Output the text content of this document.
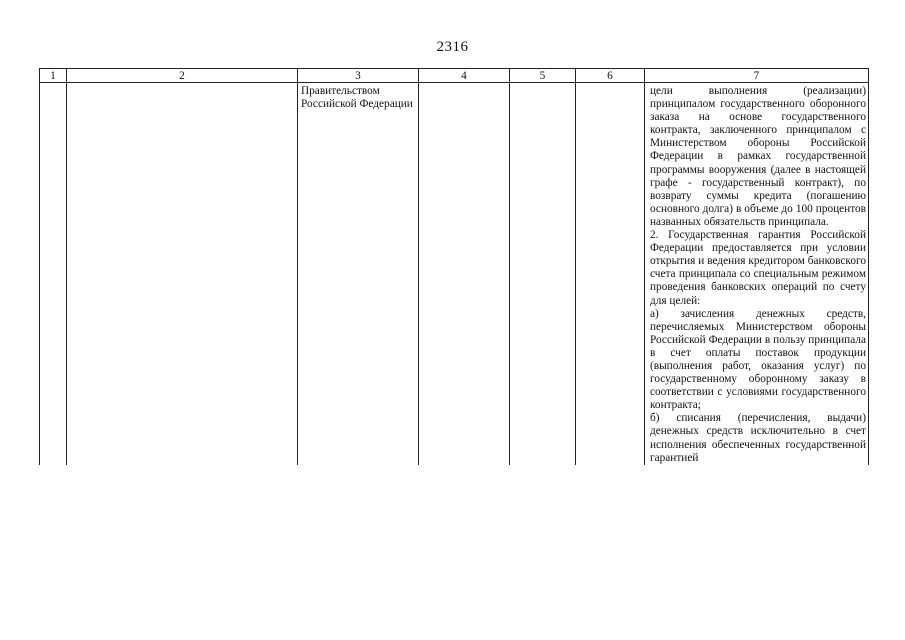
2316
1	2	3	4	5	6	7

		Правительством Российской Федерации				цели выполнения (реализации) принципалом государственного оборонного заказа на основе государственного контракта, заключенного принципалом с Министерством обороны Российской Федерации в рамках государственной программы вооружения (далее в настоящей графе - государственный контракт), по возврату суммы кредита (погашению основного долга) в объеме до 100 процентов названных обязательств принципала.

2. Государственная гарантия Российской Федерации предоставляется при условии открытия и ведения кредитором банковского счета принципала со специальным режимом проведения банковских операций по счету для целей:

а) зачисления денежных средств, перечисляемых Министерством обороны Российской Федерации в пользу принципала в счет оплаты поставок продукции (выполнения работ, оказания услуг) по государственному оборонному заказу в соответствии с условиями государственного контракта;

б) списания (перечисления, выдачи) денежных средств исключительно в счет исполнения обеспеченных государственной гарантией
